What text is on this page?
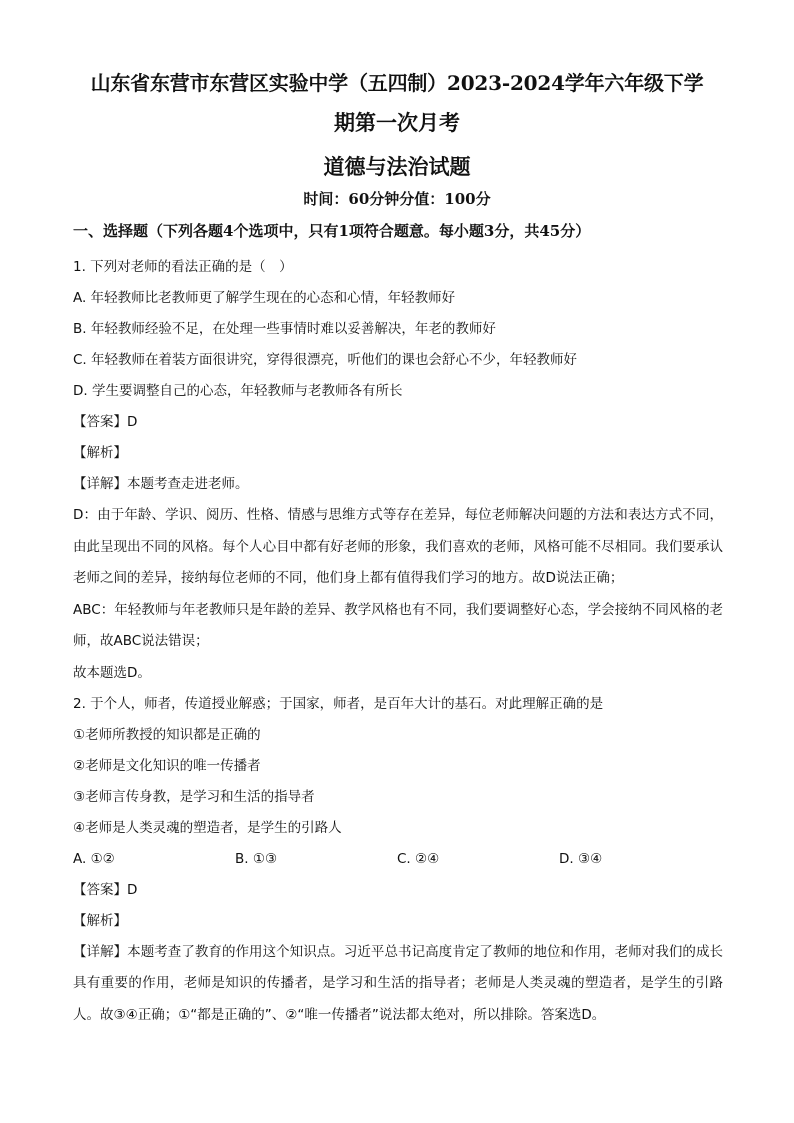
山东省东营市东营区实验中学（五四制）2023-2024学年六年级下学
期第一次月考
道德与法治试题
时间：60分钟分值：100分
一、选择题（下列各题4个选项中，只有1项符合题意。每小题3分，共45分）
1. 下列对老师的看法正确的是（　）
A. 年轻教师比老教师更了解学生现在的心态和心情，年轻教师好
B. 年轻教师经验不足，在处理一些事情时难以妥善解决，年老的教师好
C. 年轻教师在着装方面很讲究，穿得很漂亮，听他们的课也会舒心不少，年轻教师好
D. 学生要调整自己的心态，年轻教师与老教师各有所长
【答案】D
【解析】
【详解】本题考查走进老师。
D：由于年龄、学识、阅历、性格、情感与思维方式等存在差异，每位老师解决问题的方法和表达方式不同，由此呈现出不同的风格。每个人心目中都有好老师的形象，我们喜欢的老师，风格可能不尽相同。我们要承认老师之间的差异，接纳每位老师的不同，他们身上都有值得我们学习的地方。故D说法正确；
ABC：年轻教师与年老教师只是年龄的差异、教学风格也有不同，我们要调整好心态，学会接纳不同风格的老师，故ABC说法错误；
故本题选D。
2. 于个人，师者，传道授业解惑；于国家，师者，是百年大计的基石。对此理解正确的是
①老师所教授的知识都是正确的
②老师是文化知识的唯一传播者
③老师言传身教，是学习和生活的指导者
④老师是人类灵魂的塑造者，是学生的引路人
A. ①②	B. ①③	C. ②④	D. ③④
【答案】D
【解析】
【详解】本题考查了教育的作用这个知识点。习近平总书记高度肯定了教师的地位和作用，老师对我们的成长具有重要的作用，老师是知识的传播者，是学习和生活的指导者；老师是人类灵魂的塑造者，是学生的引路人。故③④正确；①“都是正确的”、②“唯一传播者”说法都太绝对，所以排除。答案选D。
